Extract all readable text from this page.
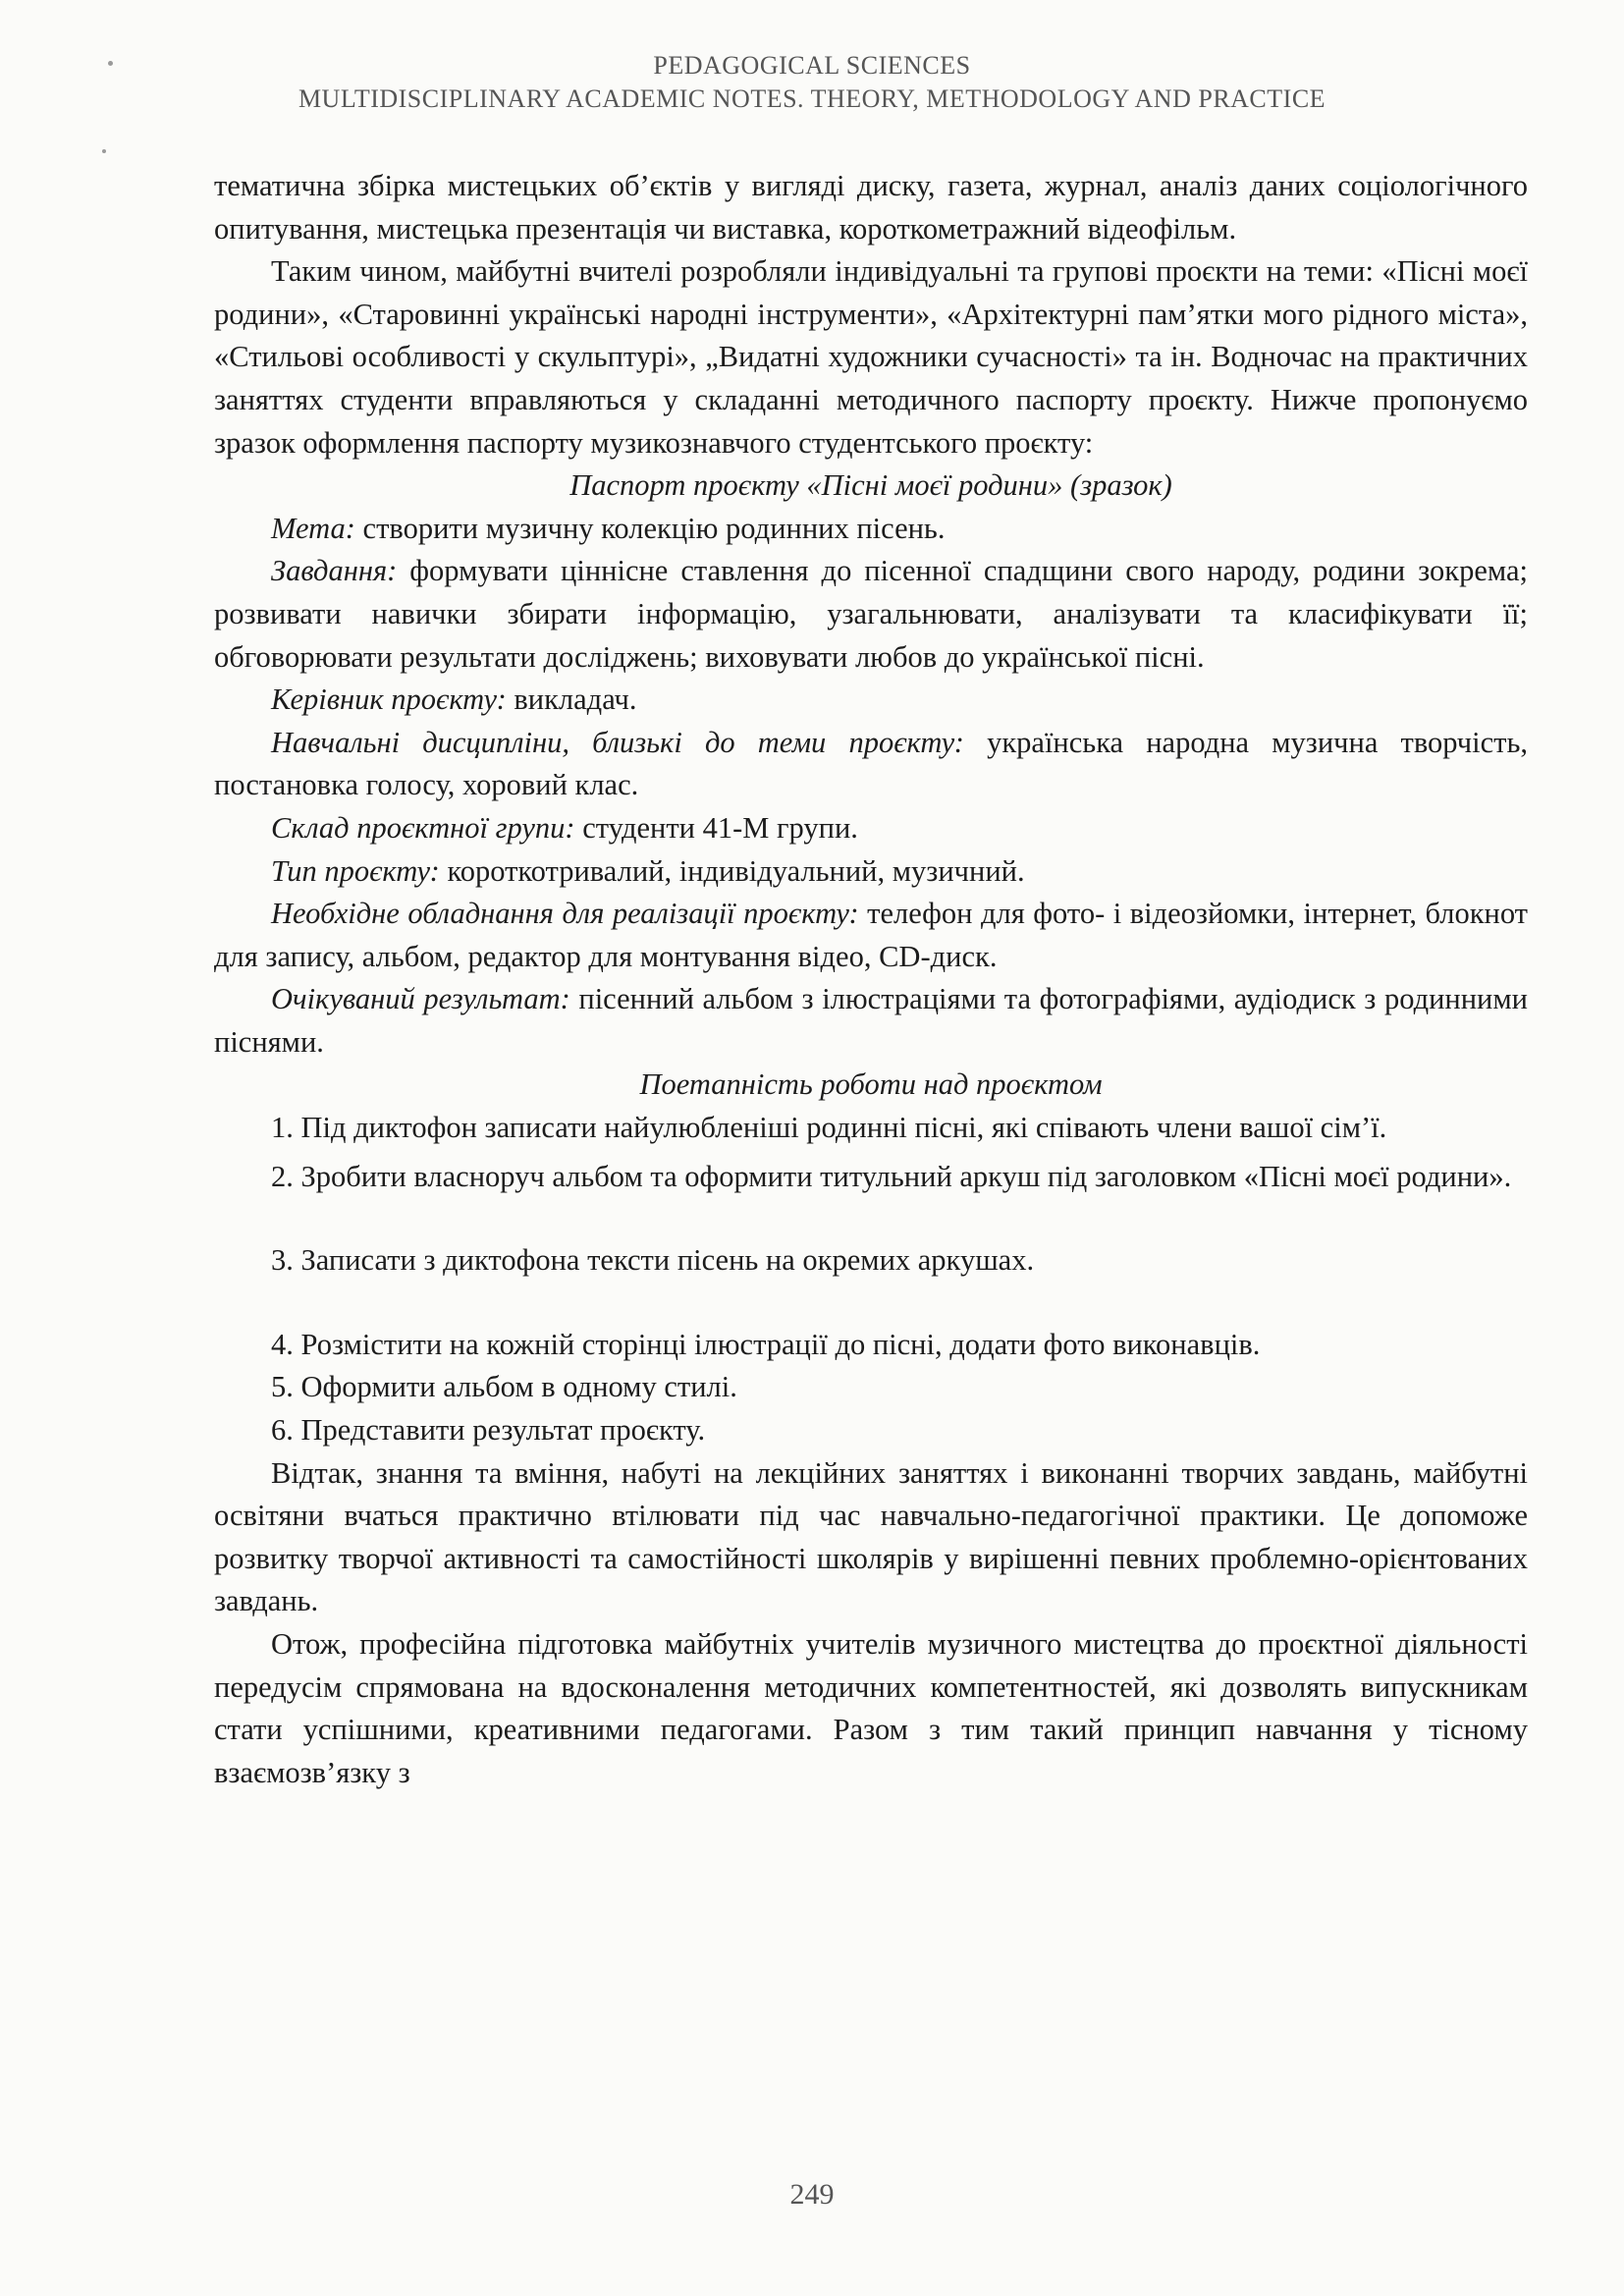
PEDAGOGICAL SCIENCES
MULTIDISCIPLINARY ACADEMIC NOTES. THEORY, METHODOLOGY AND PRACTICE

тематична збірка мистецьких об’єктів у вигляді диску, газета, журнал, аналіз даних соціологічного опитування, мистецька презентація чи виставка, короткометражний відеофільм.

Таким чином, майбутні вчителі розробляли індивідуальні та групові проєкти на теми: «Пісні моєї родини», «Старовинні українські народні інструменти», «Архітектурні пам’ятки мого рідного міста», «Стильові особливості у скульптурі», „Видатні художники сучасності» та ін. Водночас на практичних заняттях студенти вправляються у складанні методичного паспорту проєкту. Нижче пропонуємо зразок оформлення паспорту музикознавчого студентського проєкту:

Паспорт проєкту «Пісні моєї родини» (зразок)

Мета: створити музичну колекцію родинних пісень.

Завдання: формувати ціннісне ставлення до пісенної спадщини свого народу, родини зокрема; розвивати навички збирати інформацію, узагальнювати, аналізувати та класифікувати її; обговорювати результати досліджень; виховувати любов до української пісні.

Керівник проєкту: викладач.

Навчальні дисципліни, близькі до теми проєкту: українська народна музична творчість, постановка голосу, хоровий клас.

Склад проєктної групи: студенти 41-М групи.

Тип проєкту: короткотривалий, індивідуальний, музичний.

Необхідне обладнання для реалізації проєкту: телефон для фото- і відеозйомки, інтернет, блокнот для запису, альбом, редактор для монтування відео, CD-диск.

Очікуваний результат: пісенний альбом з ілюстраціями та фотографіями, аудіодиск з родинними піснями.

Поетапність роботи над проєктом

1. Під диктофон записати найулюбленіші родинні пісні, які співають члени вашої сім’ї.

2. Зробити власноруч альбом та оформити титульний аркуш під заголовком «Пісні моєї родини».

3. Записати з диктофона тексти пісень на окремих аркушах.

4. Розмістити на кожній сторінці ілюстрації до пісні, додати фото виконавців.

5. Оформити альбом в одному стилі.

6. Представити результат проєкту.

Відтак, знання та вміння, набуті на лекційних заняттях і виконанні творчих завдань, майбутні освітяни вчаться практично втілювати під час навчально-педагогічної практики. Це допоможе розвитку творчої активності та самостійності школярів у вирішенні певних проблемно-орієнтованих завдань.

Отож, професійна підготовка майбутніх учителів музичного мистецтва до проєктної діяльності передусім спрямована на вдосконалення методичних компетентностей, які дозволять випускникам стати успішними, креативними педагогами. Разом з тим такий принцип навчання у тісному взаємозв’язку з

249
